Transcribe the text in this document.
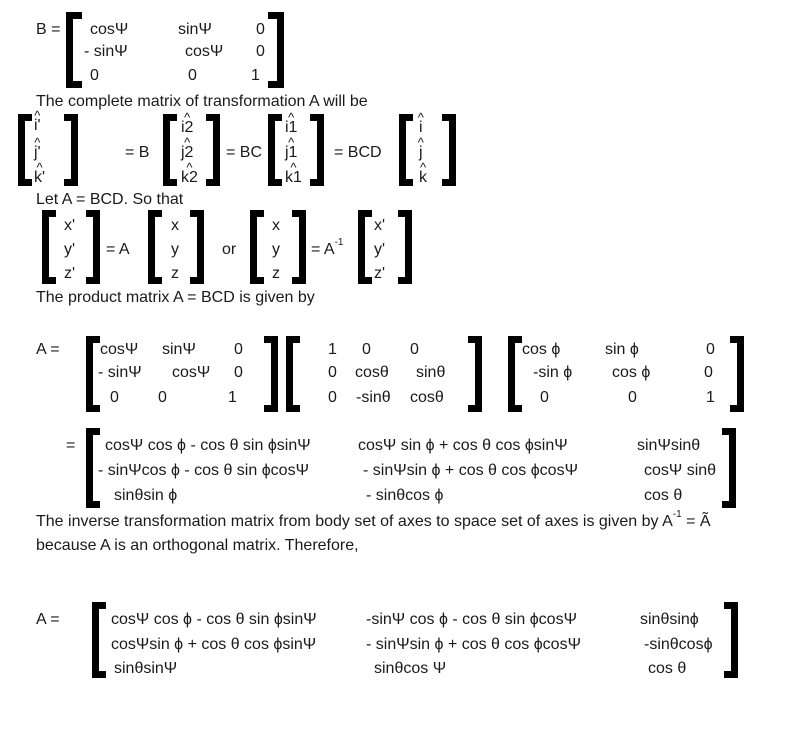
B = cosΨ	sinΨ	0
- sinΨ	cosΨ 0
0	0	1
The complete matrix of transformation A will be
^ i'
^ j'
^ k'
= B
^ i2
^ j2
^ k2
= BC
^ i1
^ j1
^ k1
= BCD
^ i
^ j
^ k
Let A = BCD. So that
x'
y'
z'
= A
x
y
z
or
x
y
z
= $A^{-1}$
x'
y'
z'
The product matrix A = BCD is given by
A =	cosΨ sinΨ 0
- sinΨ cosΨ 0
0 0	1
1 0 0
0 cosθ sinθ
0 -sinθ cosθ
cos ϕ	sin ϕ	0
-sin ϕ cos ϕ	0
0	0	1
= cosΨ cos ϕ - cos θ sin ϕsinΨ	cosΨ sin ϕ + cos θ cos ϕsinΨ	sinΨsinθ
- sinΨcos ϕ - cos θ sin ϕcosΨ	- sinΨsin ϕ + cos θ cos ϕcosΨ	cosΨ sinθ
sinθsin ϕ	- sinθcos ϕ	cos θ
The inverse transformation matrix from body set of axes to space set of axes is given by $A^{-1}$ = Ã
because A is an orthogonal matrix. Therefore,
A =	cosΨ cos ϕ - cos θ sin ϕsinΨ	-sinΨ cos ϕ - cos θ sin ϕcosΨ	sinθsinϕ
cosΨsin ϕ + cos θ cos ϕsinΨ	- sinΨsin ϕ + cos θ cos ϕcosΨ	-sinθcosϕ
sinθsinΨ	sinθcos Ψ	cos θ
